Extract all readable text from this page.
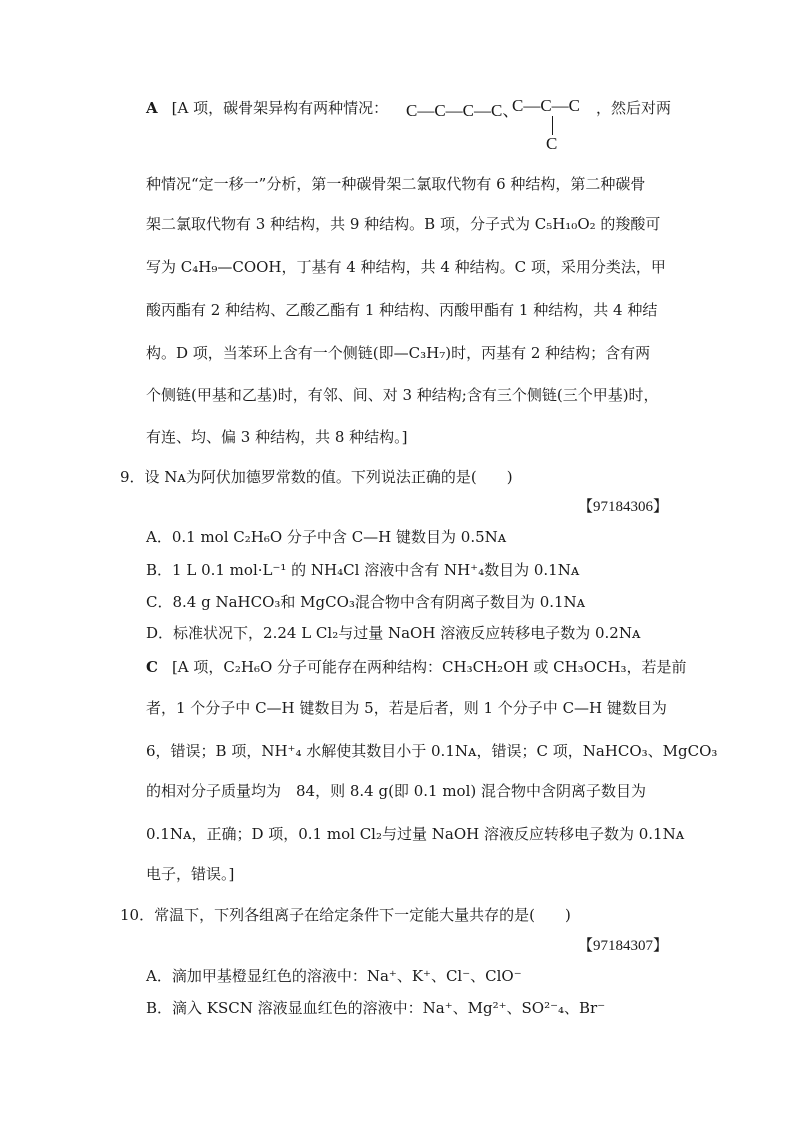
A [A 项，碳骨架异构有两种情况： C—C—C—C、
C—C—C
C
，然后对两
种情况“定一移一”分析，第一种碳骨架二氯取代物有 6 种结构，第二种碳骨
架二氯取代物有 3 种结构，共 9 种结构。B 项，分子式为 C₅H₁₀O₂ 的羧酸可
写为 C₄H₉—COOH，丁基有 4 种结构，共 4 种结构。C 项，采用分类法，甲
酸丙酯有 2 种结构、乙酸乙酯有 1 种结构、丙酸甲酯有 1 种结构，共 4 种结
构。D 项，当苯环上含有一个侧链(即—C₃H₇)时，丙基有 2 种结构；含有两
个侧链(甲基和乙基)时，有邻、间、对 3 种结构;含有三个侧链(三个甲基)时，
有连、均、偏 3 种结构，共 8 种结构。]
9．设 Nᴀ为阿伏加德罗常数的值。下列说法正确的是(　　)
【97184306】
A．0.1 mol C₂H₆O 分子中含 C—H 键数目为 0.5Nᴀ
B．1 L 0.1 mol·L⁻¹ 的 NH₄Cl 溶液中含有 NH⁺₄数目为 0.1Nᴀ
C．8.4 g NaHCO₃和 MgCO₃混合物中含有阴离子数目为 0.1Nᴀ
D．标准状况下，2.24 L Cl₂与过量 NaOH 溶液反应转移电子数为 0.2Nᴀ
C [A 项，C₂H₆O 分子可能存在两种结构：CH₃CH₂OH 或 CH₃OCH₃，若是前
者，1 个分子中 C—H 键数目为 5，若是后者，则 1 个分子中 C—H 键数目为
6，错误；B 项，NH⁺₄ 水解使其数目小于 0.1Nᴀ，错误；C 项，NaHCO₃、MgCO₃
的相对分子质量均为　84，则 8.4 g(即 0.1 mol) 混合物中含阴离子数目为
0.1Nᴀ，正确；D 项，0.1 mol Cl₂与过量 NaOH 溶液反应转移电子数为 0.1Nᴀ
电子，错误。]
10．常温下，下列各组离子在给定条件下一定能大量共存的是(　　)
【97184307】
A．滴加甲基橙显红色的溶液中：Na⁺、K⁺、Cl⁻、ClO⁻
B．滴入 KSCN 溶液显血红色的溶液中：Na⁺、Mg²⁺、SO²⁻₄、Br⁻
